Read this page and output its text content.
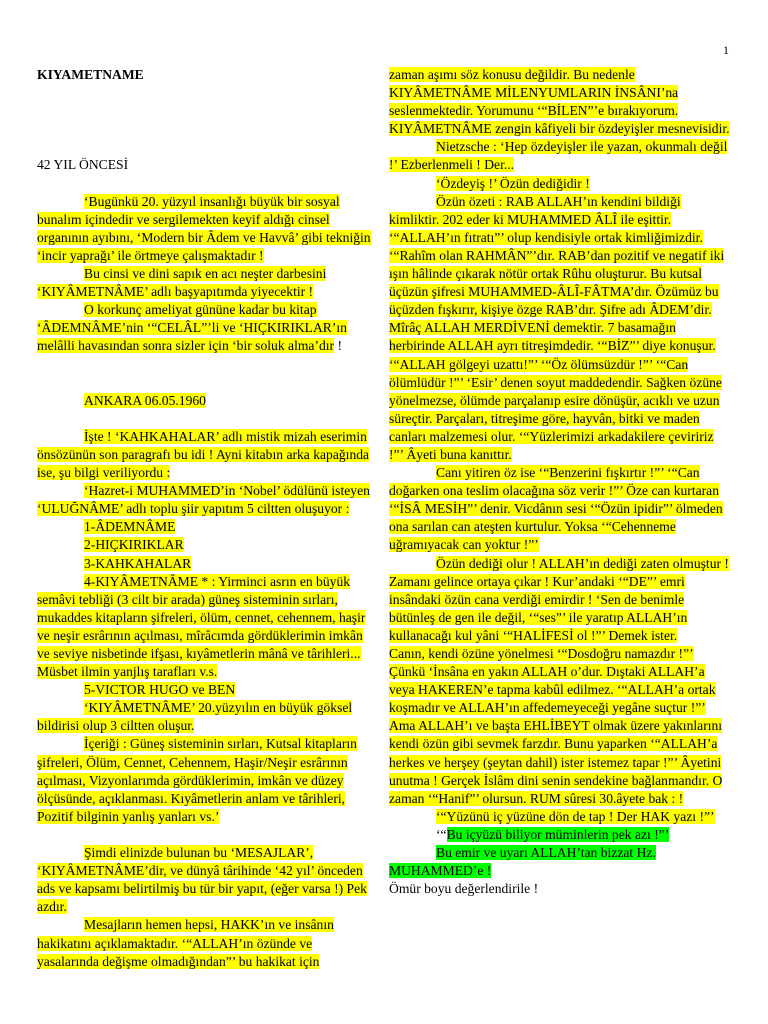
1

KIYAMETNAME

42 YIL ÖNCESİ

‘Bugünkü 20. yüzyıl insanlığı büyük bir sosyal bunalım içindedir ve sergilemekten keyif aldığı cinsel organının ayıbını, ‘Modern bir Âdem ve Havvâ’ gibi tekniğin ‘incir yaprağı’ ile örtmeye çalışmaktadır !

Bu cinsi ve dini sapık en acı neşter darbesini ‘KIYÂMETNÂME’ adlı başyapıtımda yiyecektir !

O korkunç ameliyat gününe kadar bu kitap ‘ÂDEMNÂME’nin ‘“CELÂL”’li ve ‘HIÇKIRIKLAR’ın melâlli havasından sonra sizler için ‘bir soluk alma’dır !

ANKARA 06.05.1960

İşte ! ‘KAHKAHALAR’ adlı mistik mizah eserimin önsözünün son paragrafı bu idi ! Ayni kitabın arka kapağında ise, şu bilgi veriliyordu :

‘Hazret-i MUHAMMED’in ‘Nobel’ ödülünü isteyen ‘ULUĞNÂME’ adlı toplu şiir yapıtım 5 ciltten oluşuyor :

1-ÂDEMNÂME

2-HIÇKIRIKLAR

3-KAHKAHALAR

4-KIYÂMETNÂME * : Yirminci asrın en büyük semâvi tebliği (3 cilt bir arada) güneş sisteminin sırları, mukaddes kitapların şifreleri, ölüm, cennet, cehennem, haşir ve neşir esrârının açılması, mîrâcımda gördüklerimin imkân ve seviye nisbetinde ifşası, kıyâmetlerin mânâ ve târihleri... Müsbet ilmin yanjlış tarafları v.s.

5-VICTOR HUGO ve BEN

‘KIYÂMETNÂME’ 20.yüzyılın en büyük göksel bildirisi olup 3 ciltten oluşur.

İçeriği : Güneş sisteminin sırları, Kutsal kitapların şifreleri, Ölüm, Cennet, Cehennem, Haşir/Neşir esrârının açılması, Vizyonlarımda gördüklerimin, imkân ve düzey ölçüsünde, açıklanması. Kıyâmetlerin anlam ve târihleri, Pozitif bilginin yanlış yanları vs.’

Şimdi elinizde bulunan bu ‘MESAJLAR’, ‘KIYÂMETNÂME’dir, ve dünyâ târihinde ‘42 yıl’ önceden ads ve kapsamı belirtilmiş bu tür bir yapıt, (eğer varsa !) Pek azdır.

Mesajların hemen hepsi, HAKK’ın ve insânın hakikatını açıklamaktadır. ‘“ALLAH’ın özünde ve yasalarında değişme olmadığından”’ bu hakikat için

zaman aşımı söz konusu değildir. Bu nedenle KIYÂMETNÂME MİLENYUMLARIN İNSÂNI’na seslenmektedir. Yorumunu ‘“BİLEN”’e bırakıyorum. KIYÂMETNÂME zengin kâfiyeli bir özdeyişler mesnevisidir.

Nietzsche : ‘Hep özdeyişler ile yazan, okunmalı değil !’ Ezberlenmeli ! Der...

‘Özdeyiş !’ Özün dediğidir !

Özün özeti : RAB ALLAH’ın kendini bildiği kimliktir. 202 eder ki MUHAMMED ÂLÎ ile eşittir. ‘“ALLAH’ın fıtratı”’ olup kendisiyle ortak kimliğimizdir. ‘“Rahîm olan RAHMÂN”’dır. RAB’dan pozitif ve negatif iki ışın hâlinde çıkarak nötür ortak Rûhu oluşturur. Bu kutsal üçüzün şifresi MUHAMMED-ÂLÎ-FÂTMA’dır. Özümüz bu üçüzden fışkırır, kişiye özge RAB’dır. Şifre adı ÂDEM’dir. Mîrâç ALLAH MERDİVENİ demektir. 7 basamağın herbirinde ALLAH ayrı titreşimdedir. ‘“BİZ”’ diye konuşur. ‘“ALLAH gölgeyi uzattı!”’ ‘“Öz ölümsüzdür !”’ ‘“Can ölümlüdür !”’ ‘Esir’ denen soyut maddedendir. Sağken özüne yönelmezse, ölümde parçalanıp esire dönüşür, acıklı ve uzun süreçtir. Parçaları, titreşime göre, hayvân, bitki ve maden canları malzemesi olur. ‘“Yüzlerimizi arkadakilere çeviririz !”’ Âyeti buna kanıttır.

Canı yitiren öz ise ‘“Benzerini fışkırtır !”’ ‘“Can doğarken ona teslim olacağına söz verir !”’ Öze can kurtaran ‘“İSÂ MESİH”’ denir. Vicdânın sesi ‘“Özün ipidir”’ ölmeden ona sarılan can ateşten kurtulur. Yoksa ‘“Cehenneme uğramıyacak can yoktur !”’

Özün dediği olur ! ALLAH’ın dediği zaten olmuştur ! Zamanı gelince ortaya çıkar ! Kur’andaki ‘“DE”’ emri insândaki özün cana verdiği emirdir ! ‘Sen de benimle bütünleş de gen ile değil, ‘“ses”’ ile yaratıp ALLAH’ın kullanacağı kul yâni ‘“HALİFESİ ol !”’ Demek ister.

Canın, kendi özüne yönelmesi ‘“Dosdoğru namazdır !”’ Çünkü ‘İnsâna en yakın ALLAH o’dur. Dıştaki ALLAH’a veya HAKEREN’e tapma kabûl edilmez. ‘“ALLAH’a ortak koşmadır ve ALLAH’ın affedemeyeceği yegâne suçtur !”’ Ama ALLAH’ı ve başta EHLİBEYT olmak üzere yakınlarını kendi özün gibi sevmek farzdır. Bunu yaparken ‘“ALLAH’a herkes ve herşey (şeytan dahil) ister istemez tapar !”’ Âyetini unutma ! Gerçek İslâm dini senin sendekine bağlanmandır. O zaman ‘“Hanif”’ olursun. RUM sûresi 30.âyete bak : !

‘“Yüzünü iç yüzüne dön de tap ! Der HAK yazı !”’

‘“Bu içyüzü biliyor müminlerin pek azı !”’

Bu emir ve uyarı ALLAH’tan bizzat Hz. MUHAMMED’e !

Ömür boyu değerlendirile !
